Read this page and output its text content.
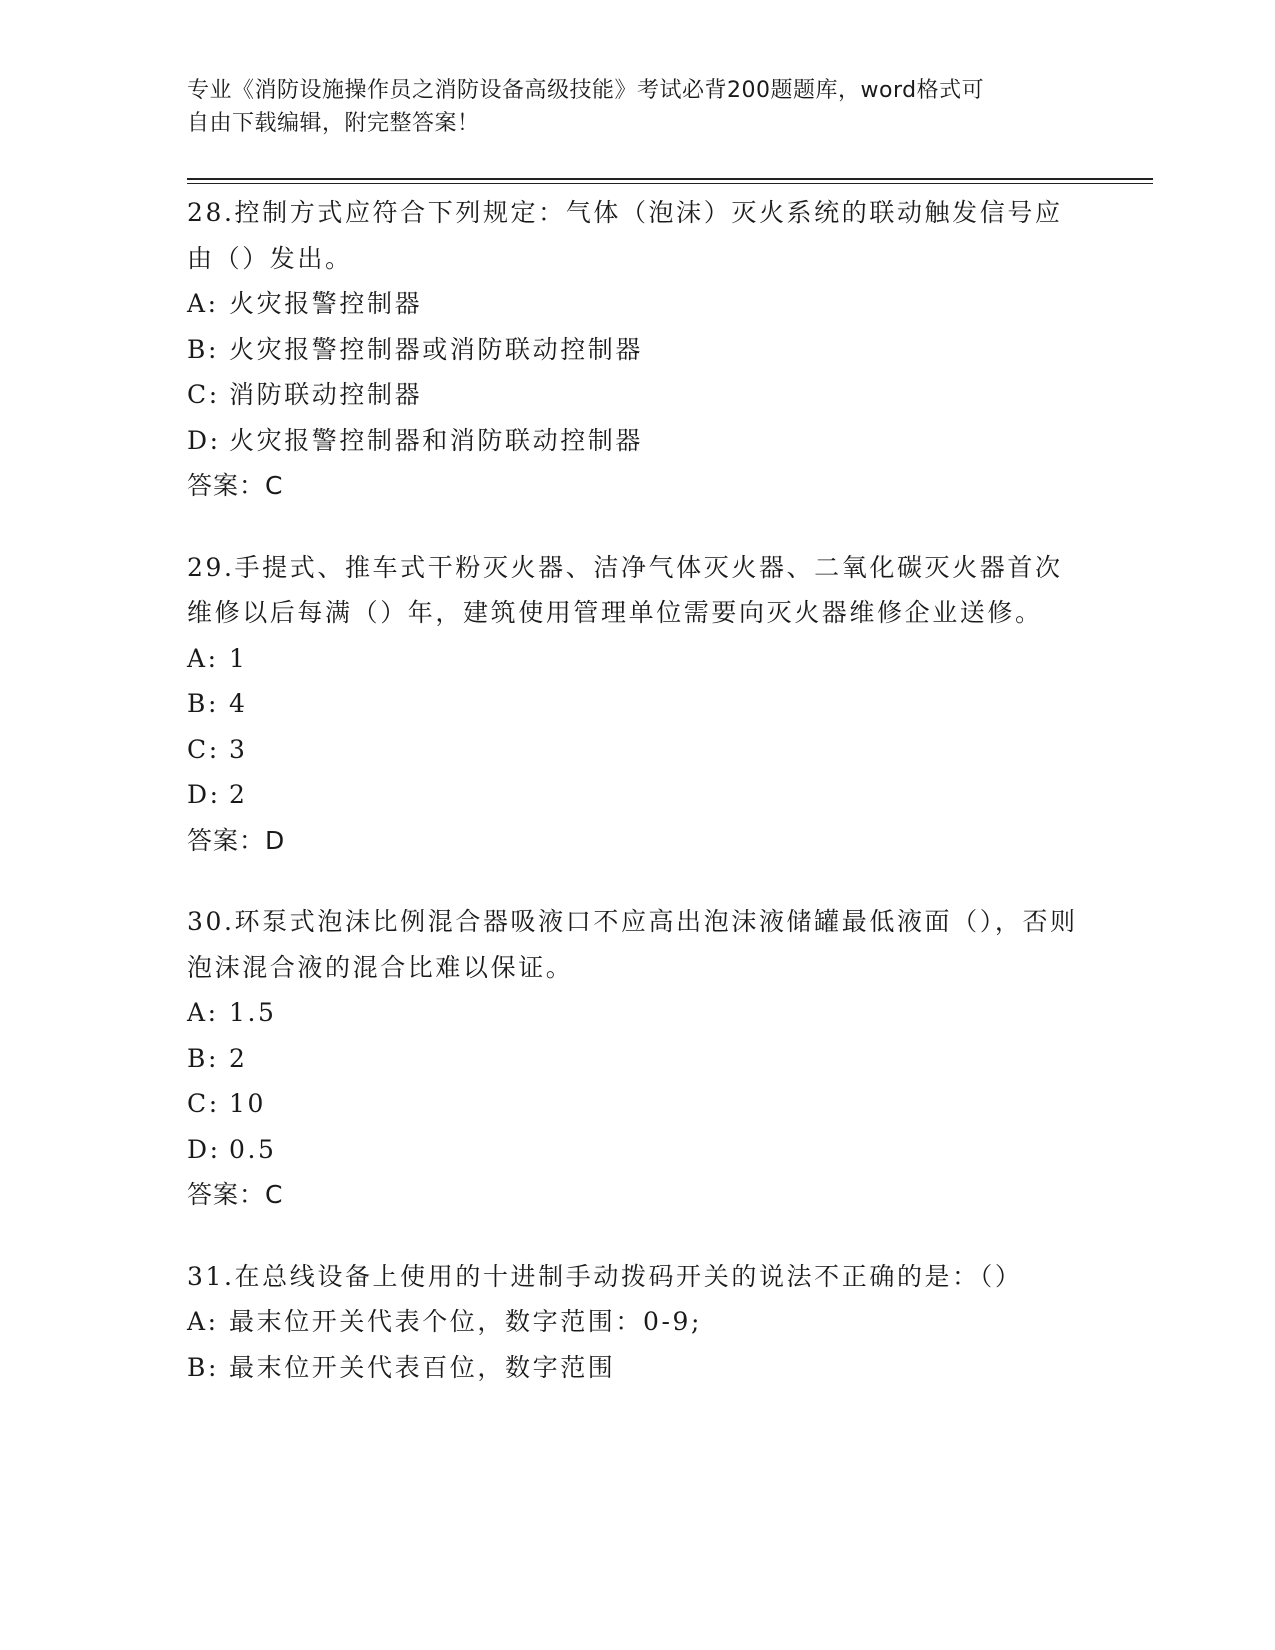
专业《消防设施操作员之消防设备高级技能》考试必背200题题库，word格式可
自由下载编辑，附完整答案！

28.控制方式应符合下列规定：气体（泡沫）灭火系统的联动触发信号应由（）发出。

A: 火灾报警控制器

B: 火灾报警控制器或消防联动控制器

C: 消防联动控制器

D: 火灾报警控制器和消防联动控制器

答案：C

29.手提式、推车式干粉灭火器、洁净气体灭火器、二氧化碳灭火器首次维修以后每满（）年，建筑使用管理单位需要向灭火器维修企业送修。

A: 1

B: 4

C: 3

D: 2

答案：D

30.环泵式泡沫比例混合器吸液口不应高出泡沫液储罐最低液面（），否则泡沫混合液的混合比难以保证。

A: 1.5

B: 2

C: 10

D: 0.5

答案：C

31.在总线设备上使用的十进制手动拨码开关的说法不正确的是：（）

A: 最末位开关代表个位，数字范围：0-9;

B: 最末位开关代表百位，数字范围
